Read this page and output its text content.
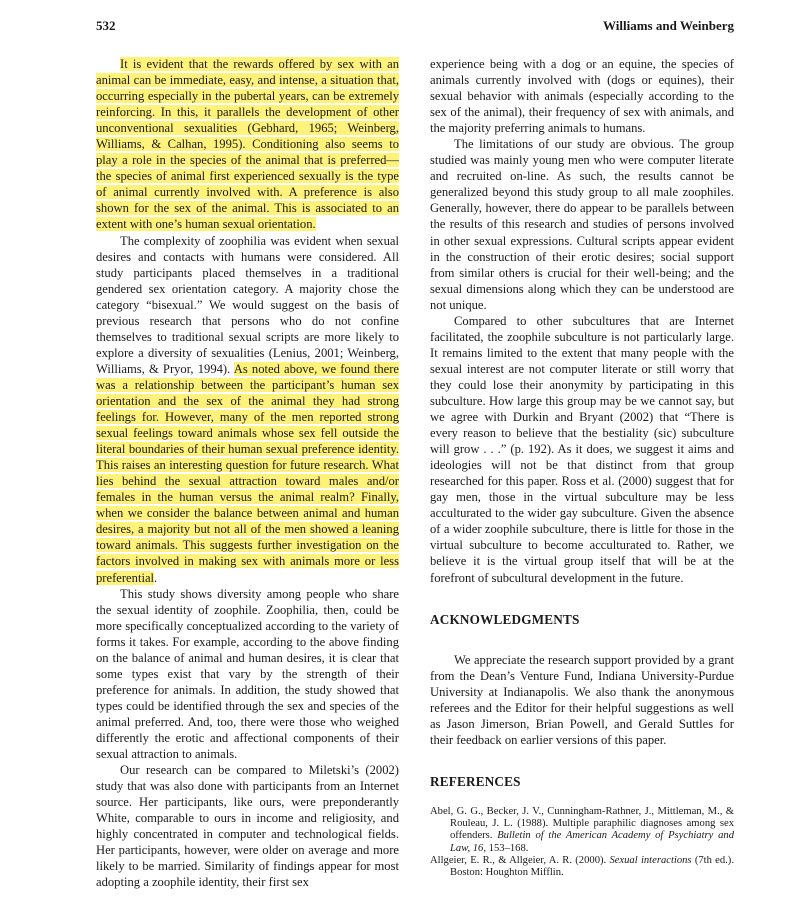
532	Williams and Weinberg

It is evident that the rewards offered by sex with an animal can be immediate, easy, and intense, a situation that, occurring especially in the pubertal years, can be extremely reinforcing. In this, it parallels the development of other unconventional sexualities (Gebhard, 1965; Weinberg, Williams, & Calhan, 1995). Conditioning also seems to play a role in the species of the animal that is preferred—the species of animal first experienced sexually is the type of animal currently involved with. A preference is also shown for the sex of the animal. This is associated to an extent with one’s human sexual orientation.

The complexity of zoophilia was evident when sexual desires and contacts with humans were considered. All study participants placed themselves in a traditional gendered sex orientation category. A majority chose the category “bisexual.” We would suggest on the basis of previous research that persons who do not confine themselves to traditional sexual scripts are more likely to explore a diversity of sexualities (Lenius, 2001; Weinberg, Williams, & Pryor, 1994). As noted above, we found there was a relationship between the participant’s human sex orientation and the sex of the animal they had strong feelings for. However, many of the men reported strong sexual feelings toward animals whose sex fell outside the literal boundaries of their human sexual preference identity. This raises an interesting question for future research. What lies behind the sexual attraction toward males and/or females in the human versus the animal realm? Finally, when we consider the balance between animal and human desires, a majority but not all of the men showed a leaning toward animals. This suggests further investigation on the factors involved in making sex with animals more or less preferential.

This study shows diversity among people who share the sexual identity of zoophile. Zoophilia, then, could be more specifically conceptualized according to the variety of forms it takes. For example, according to the above finding on the balance of animal and human desires, it is clear that some types exist that vary by the strength of their preference for animals. In addition, the study showed that types could be identified through the sex and species of the animal preferred. And, too, there were those who weighed differently the erotic and affectional components of their sexual attraction to animals.

Our research can be compared to Miletski’s (2002) study that was also done with participants from an Internet source. Her participants, like ours, were preponderantly White, comparable to ours in income and religiosity, and highly concentrated in computer and technological fields. Her participants, however, were older on average and more likely to be married. Similarity of findings appear for most adopting a zoophile identity, their first sex

experience being with a dog or an equine, the species of animals currently involved with (dogs or equines), their sexual behavior with animals (especially according to the sex of the animal), their frequency of sex with animals, and the majority preferring animals to humans.

The limitations of our study are obvious. The group studied was mainly young men who were computer literate and recruited on-line. As such, the results cannot be generalized beyond this study group to all male zoophiles. Generally, however, there do appear to be parallels between the results of this research and studies of persons involved in other sexual expressions. Cultural scripts appear evident in the construction of their erotic desires; social support from similar others is crucial for their well-being; and the sexual dimensions along which they can be understood are not unique.

Compared to other subcultures that are Internet facilitated, the zoophile subculture is not particularly large. It remains limited to the extent that many people with the sexual interest are not computer literate or still worry that they could lose their anonymity by participating in this subculture. How large this group may be we cannot say, but we agree with Durkin and Bryant (2002) that “There is every reason to believe that the bestiality (sic) subculture will grow . . .” (p. 192). As it does, we suggest it aims and ideologies will not be that distinct from that group researched for this paper. Ross et al. (2000) suggest that for gay men, those in the virtual subculture may be less acculturated to the wider gay subculture. Given the absence of a wider zoophile subculture, there is little for those in the virtual subculture to become acculturated to. Rather, we believe it is the virtual group itself that will be at the forefront of subcultural development in the future.

ACKNOWLEDGMENTS

We appreciate the research support provided by a grant from the Dean’s Venture Fund, Indiana University-Purdue University at Indianapolis. We also thank the anonymous referees and the Editor for their helpful suggestions as well as Jason Jimerson, Brian Powell, and Gerald Suttles for their feedback on earlier versions of this paper.

REFERENCES

Abel, G. G., Becker, J. V., Cunningham-Rathner, J., Mittleman, M., & Rouleau, J. L. (1988). Multiple paraphilic diagnoses among sex offenders. Bulletin of the American Academy of Psychiatry and Law, 16, 153–168.

Allgeier, E. R., & Allgeier, A. R. (2000). Sexual interactions (7th ed.). Boston: Houghton Mifflin.
